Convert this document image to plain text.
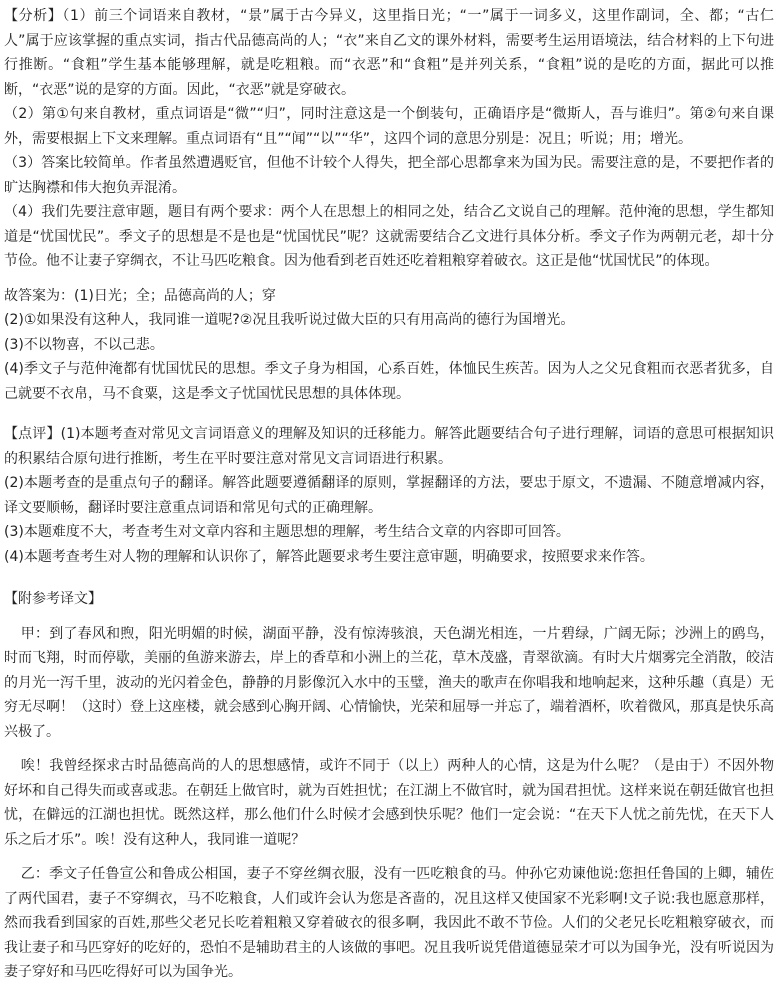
【分析】（1）前三个词语来自教材，“景”属于古今异义，这里指日光；“一”属于一词多义，这里作副词，全、都；“古仁人”属于应该掌握的重点实词，指古代品德高尚的人；“衣”来自乙文的课外材料，需要考生运用语境法，结合材料的上下句进行推断。“食粗”学生基本能够理解，就是吃粗粮。而“衣恶”和“食粗”是并列关系，“食粗”说的是吃的方面，据此可以推断，“衣恶”说的是穿的方面。因此，“衣恶”就是穿破衣。

（2）第①句来自教材，重点词语是“微”“归”，同时注意这是一个倒装句，正确语序是“微斯人，吾与谁归”。第②句来自课外，需要根据上下文来理解。重点词语有“且”“闻”“以”“华”，这四个词的意思分别是：况且；听说；用；增光。

（3）答案比较简单。作者虽然遭遇贬官，但他不计较个人得失，把全部心思都拿来为国为民。需要注意的是，不要把作者的旷达胸襟和伟大抱负弄混淆。

（4）我们先要注意审题，题目有两个要求：两个人在思想上的相同之处，结合乙文说自己的理解。范仲淹的思想，学生都知道是“忧国忧民”。季文子的思想是不是也是“忧国忧民”呢？这就需要结合乙文进行具体分析。季文子作为两朝元老，却十分节俭。他不让妻子穿绸衣，不让马匹吃粮食。因为他看到老百姓还吃着粗粮穿着破衣。这正是他“忧国忧民”的体现。

故答案为：(1)日光；全；品德高尚的人；穿

(2)①如果没有这种人，我同谁一道呢?②况且我听说过做大臣的只有用高尚的德行为国增光。

(3)不以物喜，不以己悲。

(4)季文子与范仲淹都有忧国忧民的思想。季文子身为相国，心系百姓，体恤民生疾苦。因为人之父兄食粗而衣恶者犹多，自己就要不衣帛，马不食粟，这是季文子忧国忧民思想的具体体现。

【点评】(1)本题考查对常见文言词语意义的理解及知识的迁移能力。解答此题要结合句子进行理解，词语的意思可根据知识的积累结合原句进行推断，考生在平时要注意对常见文言词语进行积累。

(2)本题考查的是重点句子的翻译。解答此题要遵循翻译的原则，掌握翻译的方法，要忠于原文，不遗漏、不随意增减内容，译文要顺畅，翻译时要注意重点词语和常见句式的正确理解。

(3)本题难度不大，考查考生对文章内容和主题思想的理解，考生结合文章的内容即可回答。

(4)本题考查考生对人物的理解和认识你了，解答此题要求考生要注意审题，明确要求，按照要求来作答。

【附参考译文】

甲：到了春风和煦，阳光明媚的时候，湖面平静，没有惊涛骇浪，天色湖光相连，一片碧绿，广阔无际；沙洲上的鸥鸟，时而飞翔，时而停歇，美丽的鱼游来游去，岸上的香草和小洲上的兰花，草木茂盛，青翠欲滴。有时大片烟雾完全消散，皎洁的月光一泻千里，波动的光闪着金色，静静的月影像沉入水中的玉璧，渔夫的歌声在你唱我和地响起来，这种乐趣（真是）无穷无尽啊！（这时）登上这座楼，就会感到心胸开阔、心情愉快，光荣和屈辱一并忘了，端着酒杯，吹着微风，那真是快乐高兴极了。

唉！我曾经探求古时品德高尚的人的思想感情，或许不同于（以上）两种人的心情，这是为什么呢？（是由于）不因外物好坏和自己得失而或喜或悲。在朝廷上做官时，就为百姓担忧；在江湖上不做官时，就为国君担忧。这样来说在朝廷做官也担忧，在僻远的江湖也担忧。既然这样，那么他们什么时候才会感到快乐呢？他们一定会说：“在天下人忧之前先忧，在天下人乐之后才乐”。唉！没有这种人，我同谁一道呢？

乙：季文子任鲁宣公和鲁成公相国，妻子不穿丝绸衣服，没有一匹吃粮食的马。仲孙它劝谏他说:您担任鲁国的上卿，辅佐了两代国君，妻子不穿绸衣，马不吃粮食，人们或许会认为您是吝啬的，况且这样又使国家不光彩啊!文子说:我也愿意那样，然而我看到国家的百姓,那些父老兄长吃着粗粮又穿着破衣的很多啊，我因此不敢不节俭。人们的父老兄长吃粗粮穿破衣，而我让妻子和马匹穿好的吃好的，恐怕不是辅助君主的人该做的事吧。况且我听说凭借道德显荣才可以为国争光，没有听说因为妻子穿好和马匹吃得好可以为国争光。
